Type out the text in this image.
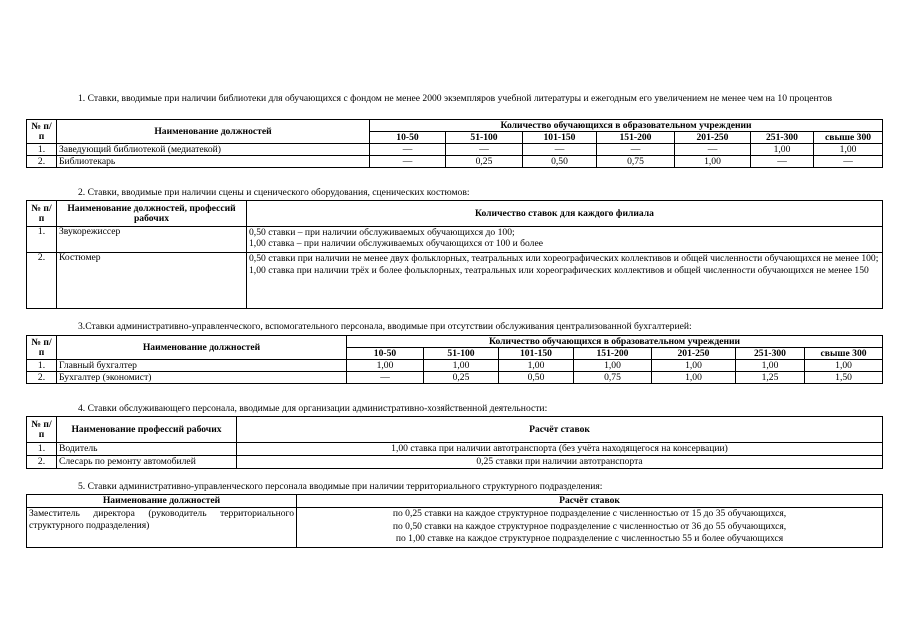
1. Ставки, вводимые при наличии библиотеки для обучающихся с фондом не менее 2000 экземпляров учебной литературы и ежегодным его увеличением не менее чем на 10 процентов
№ п/п	Наименование должностей	Количество обучающихся в образовательном учреждении						
		10-50	51-100	101-150	151-200	201-250	251-300	свыше 300
1.	Заведующий библиотекой (медиатекой)	—	—	—	—	—	1,00	1,00
2.	Библиотекарь	—	0,25	0,50	0,75	1,00	—	—
2. Ставки, вводимые при наличии сцены и сценического оборудования, сценических костюмов:
№ п/п	Наименование должностей, профессий рабочих	Количество ставок для каждого филиала
1.	Звукорежиссер	0,50 ставки – при наличии обслуживаемых обучающихся до 100;
1,00 ставка – при наличии обслуживаемых обучающихся от 100 и более

2.	Костюмер	0,50 ставки при наличии не менее двух фольклорных, театральных или хореографических коллективов и общей численности обучающихся не менее 100;
1,00 ставка при наличии трёх и более фольклорных, театральных или хореографических коллективов и общей численности обучающихся не менее 150
3.Ставки административно-управленческого, вспомогательного персонала, вводимые при отсутствии обслуживания централизованной бухгалтерией:
№ п/п	Наименование должностей	Количество обучающихся в образовательном учреждении						
		10-50	51-100	101-150	151-200	201-250	251-300	свыше 300
1.	Главный бухгалтер	1,00	1,00	1,00	1,00	1,00	1,00	1,00
2.	Бухгалтер (экономист)	—	0,25	0,50	0,75	1,00	1,25	1,50
4. Ставки обслуживающего персонала, вводимые для организации административно-хозяйственной деятельности:
№ п/п	Наименование профессий рабочих	Расчёт ставок
1.	Водитель	1,00 ставка при наличии автотранспорта (без учёта находящегося на консервации)
2.	Слесарь по ремонту автомобилей	0,25 ставки при наличии автотранспорта
5. Ставки административно-управленческого персонала вводимые при наличии территориального структурного подразделения:
Наименование должностей	Расчёт ставок
Заместитель директора (руководитель территориального структурного подразделения)	по 0,25 ставки на каждое структурное подразделение с численностью от 15 до 35 обучающихся,
по 0,50 ставки на каждое структурное подразделение с численностью от 36 до 55 обучающихся,
по 1,00 ставке на каждое структурное подразделение с численностью 55 и более обучающихся
